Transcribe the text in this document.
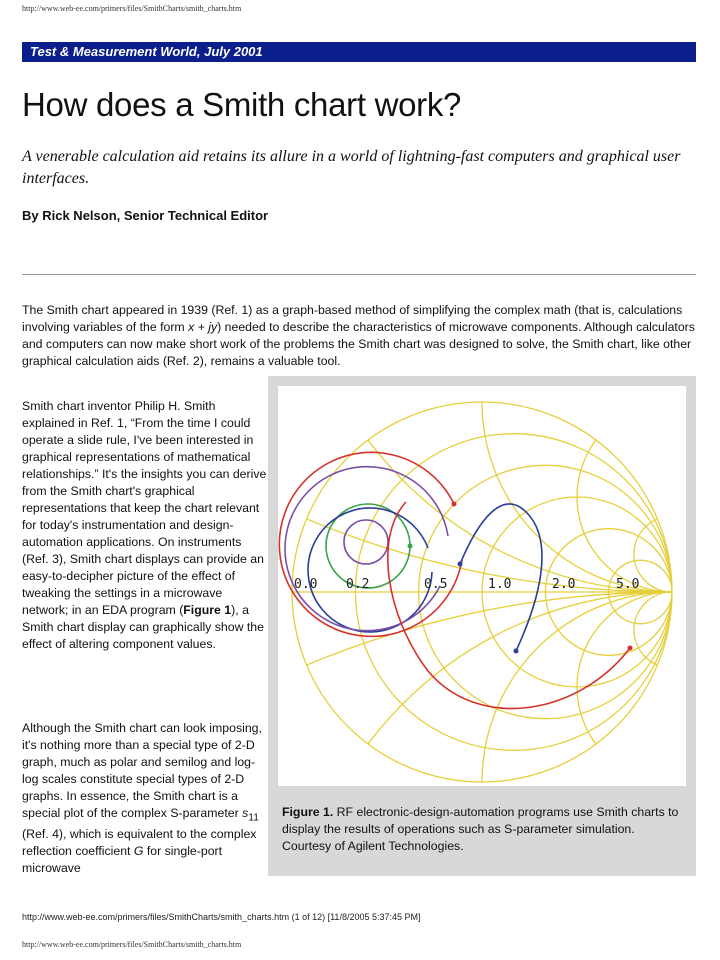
http://www.web-ee.com/primers/files/SmithCharts/smith_charts.htm
Test & Measurement World, July 2001
How does a Smith chart work?
A venerable calculation aid retains its allure in a world of lightning-fast computers and graphical user interfaces.
By Rick Nelson, Senior Technical Editor
The Smith chart appeared in 1939 (Ref. 1) as a graph-based method of simplifying the complex math (that is, calculations involving variables of the form x + jy) needed to describe the characteristics of microwave components. Although calculators and computers can now make short work of the problems the Smith chart was designed to solve, the Smith chart, like other graphical calculation aids (Ref. 2), remains a valuable tool.
Smith chart inventor Philip H. Smith explained in Ref. 1, “From the time I could operate a slide rule, I've been interested in graphical representations of mathematical relationships.” It's the insights you can derive from the Smith chart's graphical representations that keep the chart relevant for today's instrumentation and design-automation applications. On instruments (Ref. 3), Smith chart displays can provide an easy-to-decipher picture of the effect of tweaking the settings in a microwave network; in an EDA program (Figure 1), a Smith chart display can graphically show the effect of altering component values.
Although the Smith chart can look imposing, it's nothing more than a special type of 2-D graph, much as polar and semilog and log-log scales constitute special types of 2-D graphs. In essence, the Smith chart is a special plot of the complex S-parameter $s_{11}$ (Ref. 4), which is equivalent to the complex reflection coefficient G for single-port microwave
0.0 0.2	0.5	1.0	2.0	5.0
Figure 1. RF electronic-design-automation programs use Smith charts to display the results of operations such as S-parameter simulation. Courtesy of Agilent Technologies.
http://www.web-ee.com/primers/files/SmithCharts/smith_charts.htm (1 of 12) [11/8/2005 5:37:45 PM]
http://www.web-ee.com/primers/files/SmithCharts/smith_charts.htm
